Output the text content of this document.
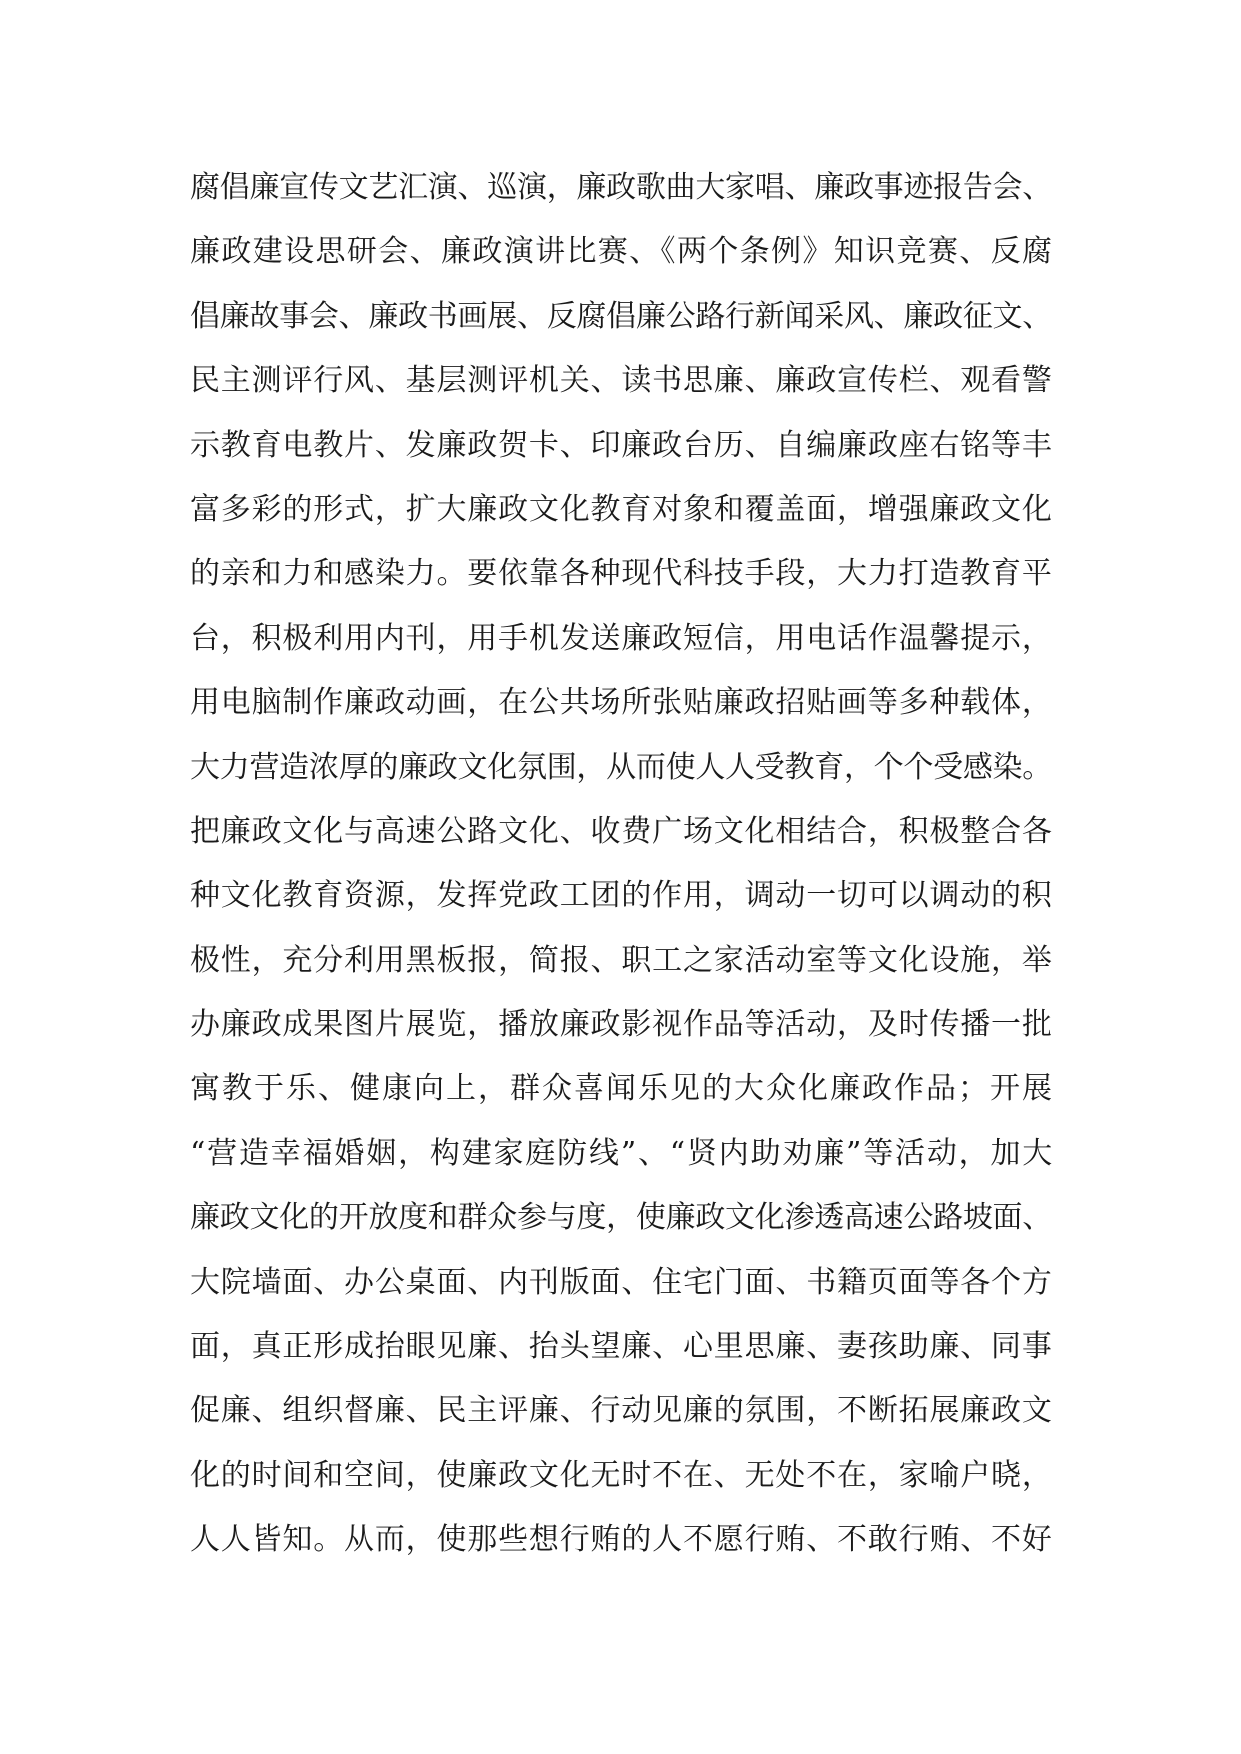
腐倡廉宣传文艺汇演、巡演，廉政歌曲大家唱、廉政事迹报告会、
廉政建设思研会、廉政演讲比赛、《两个条例》知识竞赛、反腐
倡廉故事会、廉政书画展、反腐倡廉公路行新闻采风、廉政征文、
民主测评行风、基层测评机关、读书思廉、廉政宣传栏、观看警
示教育电教片、发廉政贺卡、印廉政台历、自编廉政座右铭等丰
富多彩的形式，扩大廉政文化教育对象和覆盖面，增强廉政文化
的亲和力和感染力。要依靠各种现代科技手段，大力打造教育平
台，积极利用内刊，用手机发送廉政短信，用电话作温馨提示，
用电脑制作廉政动画，在公共场所张贴廉政招贴画等多种载体，
大力营造浓厚的廉政文化氛围，从而使人人受教育，个个受感染。
把廉政文化与高速公路文化、收费广场文化相结合，积极整合各
种文化教育资源，发挥党政工团的作用，调动一切可以调动的积
极性，充分利用黑板报，简报、职工之家活动室等文化设施，举
办廉政成果图片展览，播放廉政影视作品等活动，及时传播一批
寓教于乐、健康向上，群众喜闻乐见的大众化廉政作品；开展
“营造幸福婚姻，构建家庭防线”、“贤内助劝廉”等活动，加大
廉政文化的开放度和群众参与度，使廉政文化渗透高速公路坡面、
大院墙面、办公桌面、内刊版面、住宅门面、书籍页面等各个方
面，真正形成抬眼见廉、抬头望廉、心里思廉、妻孩助廉、同事
促廉、组织督廉、民主评廉、行动见廉的氛围，不断拓展廉政文
化的时间和空间，使廉政文化无时不在、无处不在，家喻户晓，
人人皆知。从而，使那些想行贿的人不愿行贿、不敢行贿、不好
